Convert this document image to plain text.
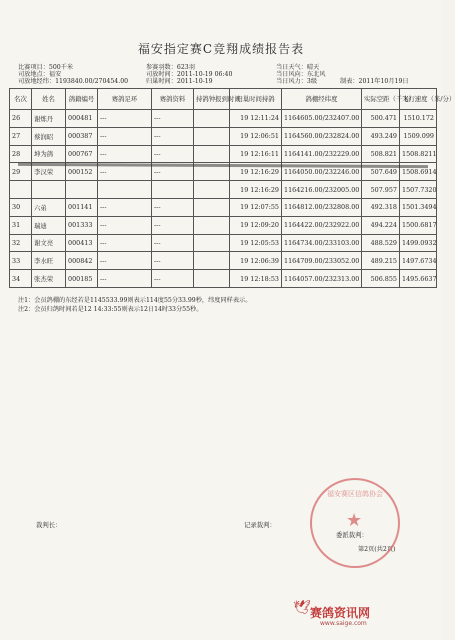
福安指定赛C竞翔成绩报告表
比赛项目：500千米
司放地点：福安
司放地经纬：1193840.00/270454.00
参赛羽数：623羽
司放时间：2011-10-19 06:40
归巢时间：2011-10-19
当日天气：晴天
当日风向：东北风
当日风力：3级	制表：2011年10月19日
名次	姓名	鸽籍编号	赛鸽足环	赛鸽资料	持鸽钟报到时间	归巢时间持鸽	鸽棚经纬度	实际空距（千米）	飞行速度（米/分）
26	谢炼丹	000481	---	---		19 12:11:24	1164605.00/232407.00	500.471	1510.172
27	蔡润昭	000387	---	---		19 12:06:51	1164560.00/232824.00	493.249	1509.099
28	坤为鸽	000767	---	---		19 12:16:11	1164141.00/232229.00	508.821	1508.8211
29	李汉荣	000152	---	---		19 12:16:29	1164050.00/232246.00	507.649	1508.6914
						19 12:16:29	1164216.00/232005.00	507.957	1507.7320
30	六弟	001141	---	---		19 12:07:55	1164812.00/232808.00	492.318	1501.3494
31	瑞迪	001333	---	---		19 12:09:20	1164422.00/232922.00	494.224	1500.6817
32	谢文亮	000413	---	---		19 12:05:53	1164734.00/233103.00	488.529	1499.0932
33	李水旺	000842	---	---		19 12:06:39	1164709.00/233052.00	489.215	1497.6734
34	张杰荣	000185	---	---		19 12:18:53	1164057.00/232313.00	506.855	1495.6637
注1：会员鸽棚的东经若是1145533.99则表示114度55分33.99秒，纬度同样表示。
注2：会员归鸽时间若是12 14:33:55则表示12日14时33分55秒。
裁判长：	记录裁判：
委派裁判：
第2页(共2页)
福安赛区信鸽协会
★
🕊 赛鸽资讯网
www.saige.com
